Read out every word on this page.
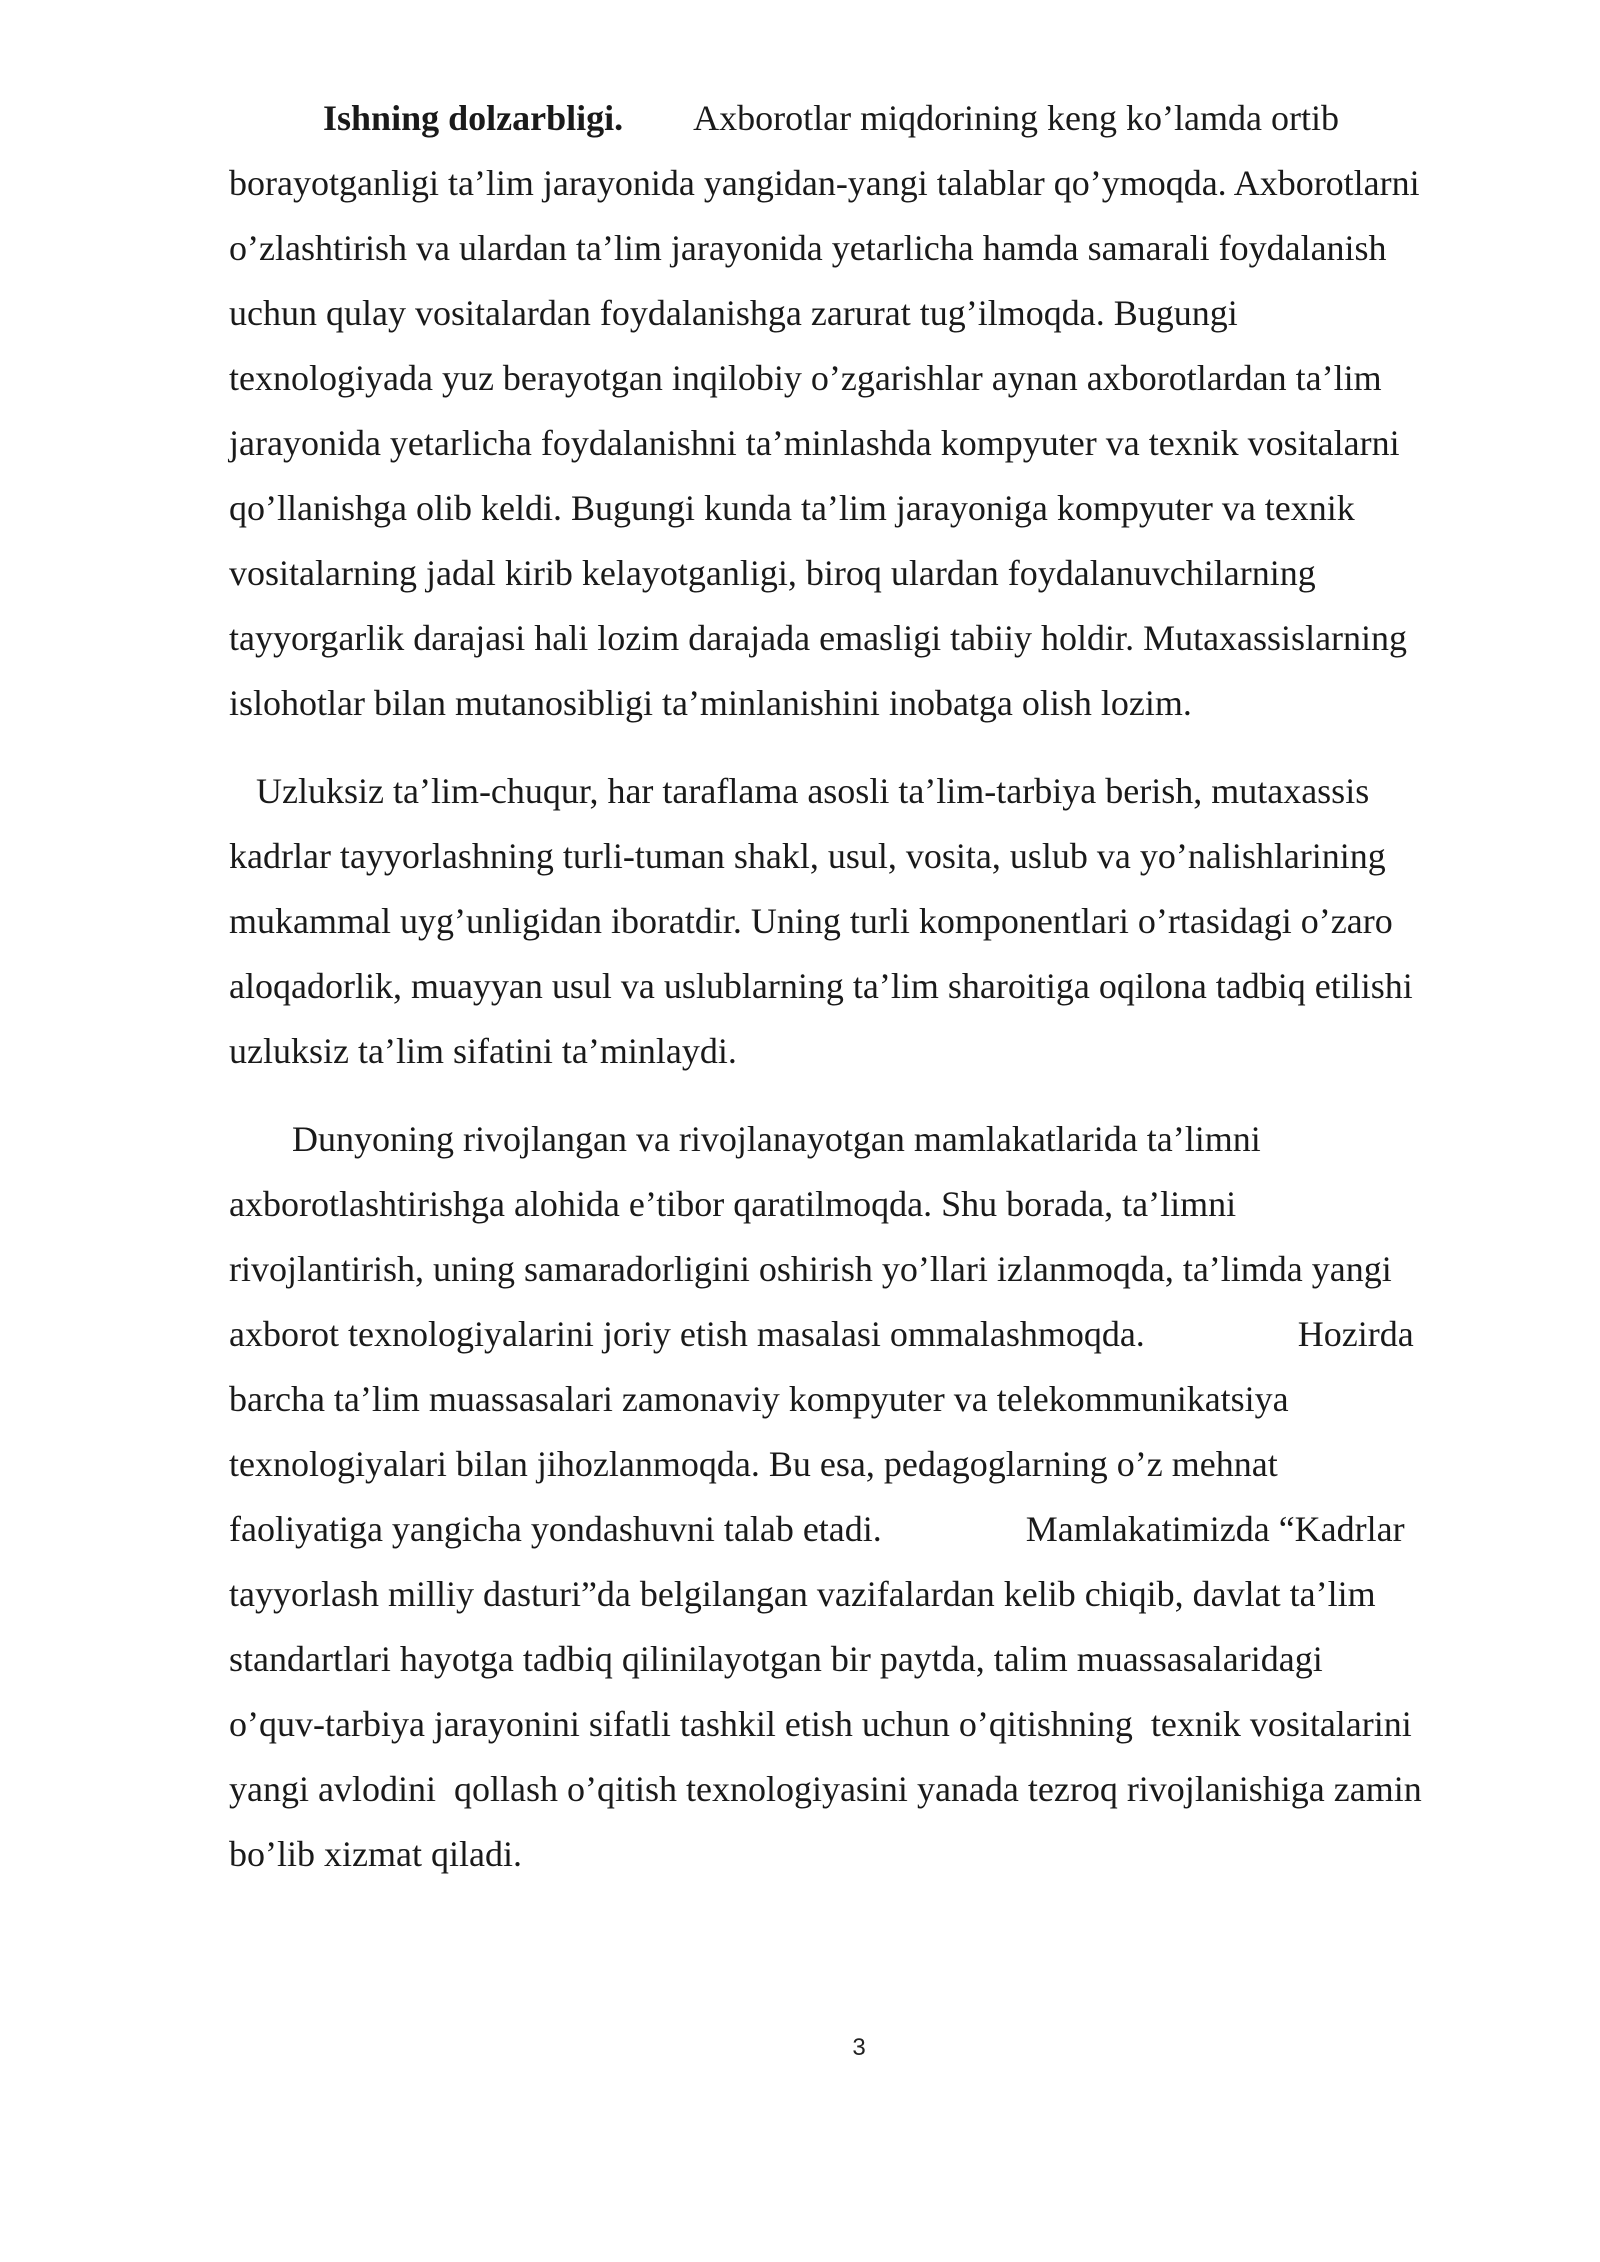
Ishning dolzarbligi.        Axborotlar miqdorining keng ko’lamda ortib
borayotganligi ta’lim jarayonida yangidan-yangi talablar qo’ymoqda. Axborotlarni
o’zlashtirish va ulardan ta’lim jarayonida yetarlicha hamda samarali foydalanish
uchun qulay vositalardan foydalanishga zarurat tug’ilmoqda. Bugungi
texnologiyada yuz berayotgan inqilobiy o’zgarishlar aynan axborotlardan ta’lim
jarayonida yetarlicha foydalanishni ta’minlashda kompyuter va texnik vositalarni
qo’llanishga olib keldi. Bugungi kunda ta’lim jarayoniga kompyuter va texnik
vositalarning jadal kirib kelayotganligi, biroq ulardan foydalanuvchilarning
tayyorgarlik darajasi hali lozim darajada emasligi tabiiy holdir. Mutaxassislarning
islohotlar bilan mutanosibligi ta’minlanishini inobatga olish lozim.

Uzluksiz ta’lim-chuqur, har taraflama asosli ta’lim-tarbiya berish, mutaxassis
kadrlar tayyorlashning turli-tuman shakl, usul, vosita, uslub va yo’nalishlarining
mukammal uyg’unligidan iboratdir. Uning turli komponentlari o’rtasidagi o’zaro
aloqadorlik, muayyan usul va uslublarning ta’lim sharoitiga oqilona tadbiq etilishi
uzluksiz ta’lim sifatini ta’minlaydi.

Dunyoning rivojlangan va rivojlanayotgan mamlakatlarida ta’limni
axborotlashtirishga alohida e’tibor qaratilmoqda. Shu borada, ta’limni
rivojlantirish, uning samaradorligini oshirish yo’llari izlanmoqda, ta’limda yangi
axborot texnologiyalarini joriy etish masalasi ommalashmoqda.                 Hozirda
barcha ta’lim muassasalari zamonaviy kompyuter va telekommunikatsiya
texnologiyalari bilan jihozlanmoqda. Bu esa, pedagoglarning o’z mehnat
faoliyatiga yangicha yondashuvni talab etadi.                Mamlakatimizda “Kadrlar
tayyorlash milliy dasturi”da belgilangan vazifalardan kelib chiqib, davlat ta’lim
standartlari hayotga tadbiq qilinilayotgan bir paytda, talim muassasalaridagi
o’quv-tarbiya jarayonini sifatli tashkil etish uchun o’qitishning  texnik vositalarini
yangi avlodini  qollash o’qitish texnologiyasini yanada tezroq rivojlanishiga zamin
bo’lib xizmat qiladi.

3
